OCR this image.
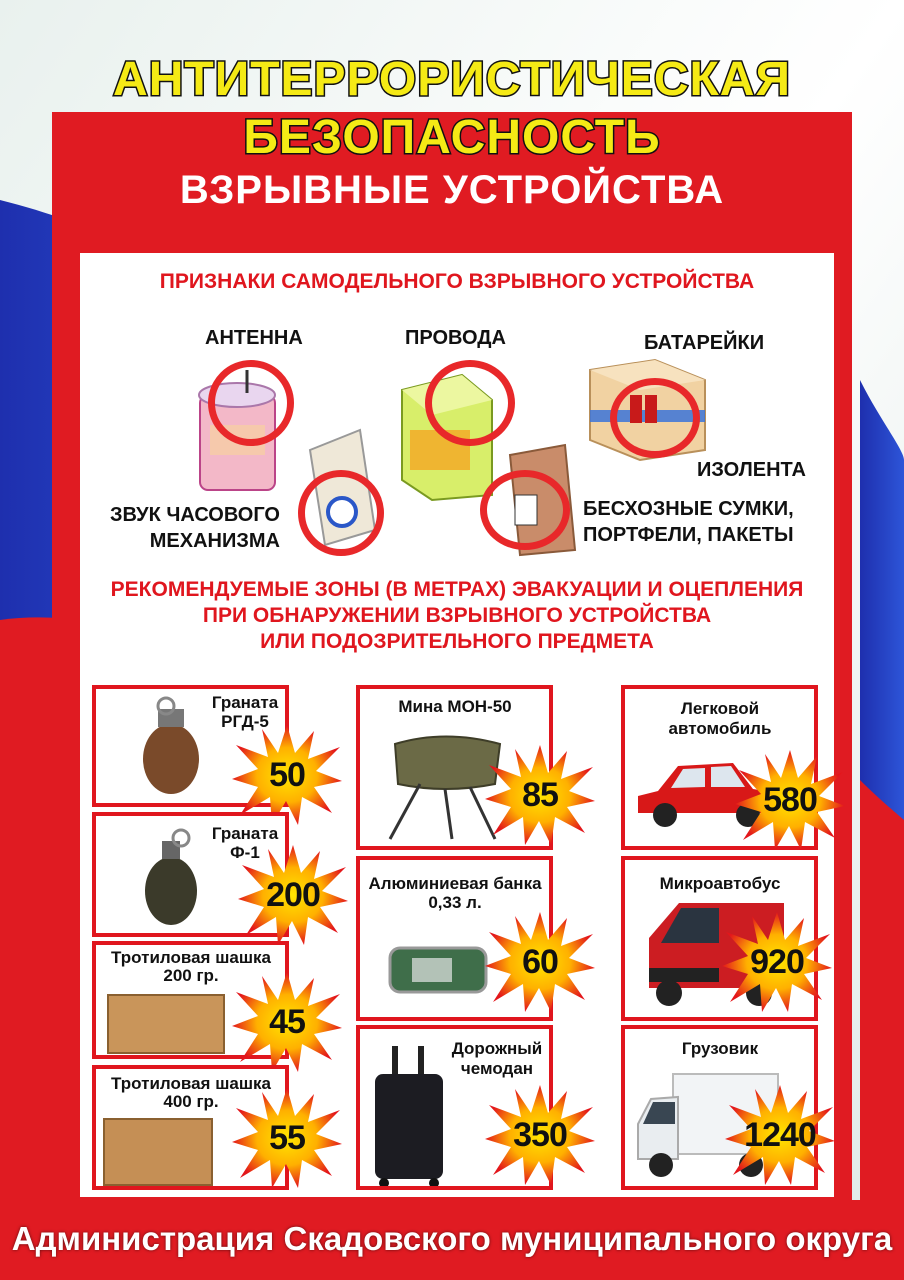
АНТИТЕРРОРИСТИЧЕСКАЯ
БЕЗОПАСНОСТЬ
ВЗРЫВНЫЕ УСТРОЙСТВА
ПРИЗНАКИ САМОДЕЛЬНОГО ВЗРЫВНОГО УСТРОЙСТВА
АНТЕННА	ПРОВОДА	БАТАРЕЙКИ
ИЗОЛЕНТА
ЗВУК ЧАСОВОГО
МЕХАНИЗМА
БЕСХОЗНЫЕ СУМКИ,
ПОРТФЕЛИ, ПАКЕТЫ
РЕКОМЕНДУЕМЫЕ ЗОНЫ (В МЕТРАХ) ЭВАКУАЦИИ И ОЦЕПЛЕНИЯ
ПРИ ОБНАРУЖЕНИИ ВЗРЫВНОГО УСТРОЙСТВА
ИЛИ ПОДОЗРИТЕЛЬНОГО ПРЕДМЕТА
Граната
РГД-5
50
Граната
Ф-1
200
Тротиловая шашка
200 гр.
45
Тротиловая шашка
400 гр.
55
Мина МОН-50
85
Алюминиевая банка
0,33 л.
60
Дорожный
чемодан
350
Легковой
автомобиль
580
Микроавтобус
920
Грузовик
1240
Администрация Скадовского муниципального округа
